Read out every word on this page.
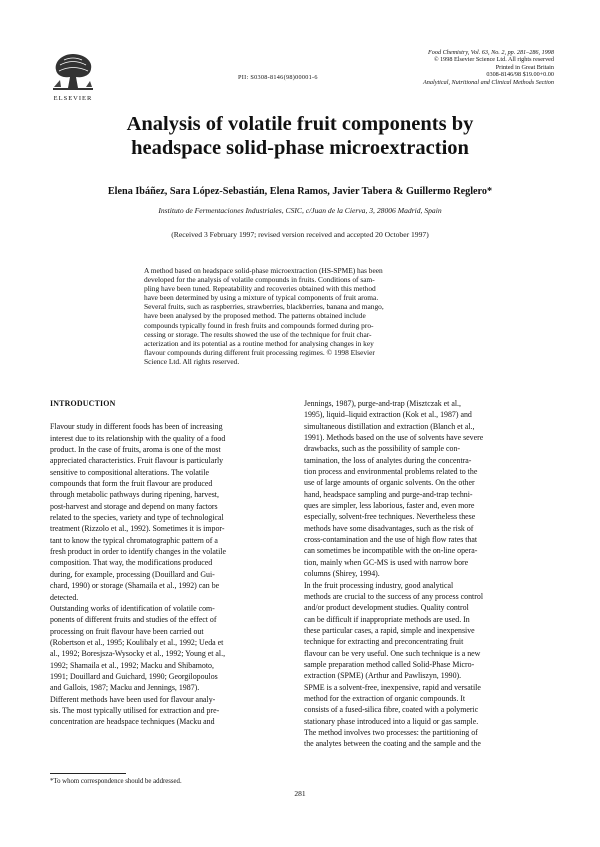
ELSEVIER
PII: S0308-8146(98)00001-6
Food Chemistry, Vol. 63, No. 2, pp. 281–286, 1998
© 1998 Elsevier Science Ltd. All rights reserved
Printed in Great Britain
0308-8146/98 $19.00+0.00
Analytical, Nutritional and Clinical Methods Section
Analysis of volatile fruit components by
headspace solid-phase microextraction
Elena Ibáñez, Sara López-Sebastián, Elena Ramos, Javier Tabera & Guillermo Reglero*
Instituto de Fermentaciones Industriales, CSIC, c/Juan de la Cierva, 3, 28006 Madrid, Spain
(Received 3 February 1997; revised version received and accepted 20 October 1997)
A method based on headspace solid-phase microextraction (HS-SPME) has been
developed for the analysis of volatile compounds in fruits. Conditions of sam-
pling have been tuned. Repeatability and recoveries obtained with this method
have been determined by using a mixture of typical components of fruit aroma.
Several fruits, such as raspberries, strawberries, blackberries, banana and mango,
have been analysed by the proposed method. The patterns obtained include
compounds typically found in fresh fruits and compounds formed during pro-
cessing or storage. The results showed the use of the technique for fruit char-
acterization and its potential as a routine method for analysing changes in key
flavour compounds during different fruit processing regimes. © 1998 Elsevier
Science Ltd. All rights reserved.
INTRODUCTION
Flavour study in different foods has been of increasing
interest due to its relationship with the quality of a food
product. In the case of fruits, aroma is one of the most
appreciated characteristics. Fruit flavour is particularly
sensitive to compositional alterations. The volatile
compounds that form the fruit flavour are produced
through metabolic pathways during ripening, harvest,
post-harvest and storage and depend on many factors
related to the species, variety and type of technological
treatment (Rizzolo et al., 1992). Sometimes it is impor-
tant to know the typical chromatographic pattern of a
fresh product in order to identify changes in the volatile
composition. That way, the modifications produced
during, for example, processing (Douillard and Gui-
chard, 1990) or storage (Shamaila et al., 1992) can be
detected.
Outstanding works of identification of volatile com-
ponents of different fruits and studies of the effect of
processing on fruit flavour have been carried out
(Robertson et al., 1995; Koulibaly et al., 1992; Ueda et
al., 1992; Boresjsza-Wysocky et al., 1992; Young et al.,
1992; Shamaila et al., 1992; Macku and Shibamoto,
1991; Douillard and Guichard, 1990; Georgilopoulos
and Gallois, 1987; Macku and Jennings, 1987).
Different methods have been used for flavour analy-
sis. The most typically utilised for extraction and pre-
concentration are headspace techniques (Macku and
Jennings, 1987), purge-and-trap (Misztczak et al.,
1995), liquid–liquid extraction (Kok et al., 1987) and
simultaneous distillation and extraction (Blanch et al.,
1991). Methods based on the use of solvents have severe
drawbacks, such as the possibility of sample con-
tamination, the loss of analytes during the concentra-
tion process and environmental problems related to the
use of large amounts of organic solvents. On the other
hand, headspace sampling and purge-and-trap techni-
ques are simpler, less laborious, faster and, even more
especially, solvent-free techniques. Nevertheless these
methods have some disadvantages, such as the risk of
cross-contamination and the use of high flow rates that
can sometimes be incompatible with the on-line opera-
tion, mainly when GC-MS is used with narrow bore
columns (Shirey, 1994).
In the fruit processing industry, good analytical
methods are crucial to the success of any process control
and/or product development studies. Quality control
can be difficult if inappropriate methods are used. In
these particular cases, a rapid, simple and inexpensive
technique for extracting and preconcentrating fruit
flavour can be very useful. One such technique is a new
sample preparation method called Solid-Phase Micro-
extraction (SPME) (Arthur and Pawliszyn, 1990).
SPME is a solvent-free, inexpensive, rapid and versatile
method for the extraction of organic compounds. It
consists of a fused-silica fibre, coated with a polymeric
stationary phase introduced into a liquid or gas sample.
The method involves two processes: the partitioning of
the analytes between the coating and the sample and the
*To whom correspondence should be addressed.
281
